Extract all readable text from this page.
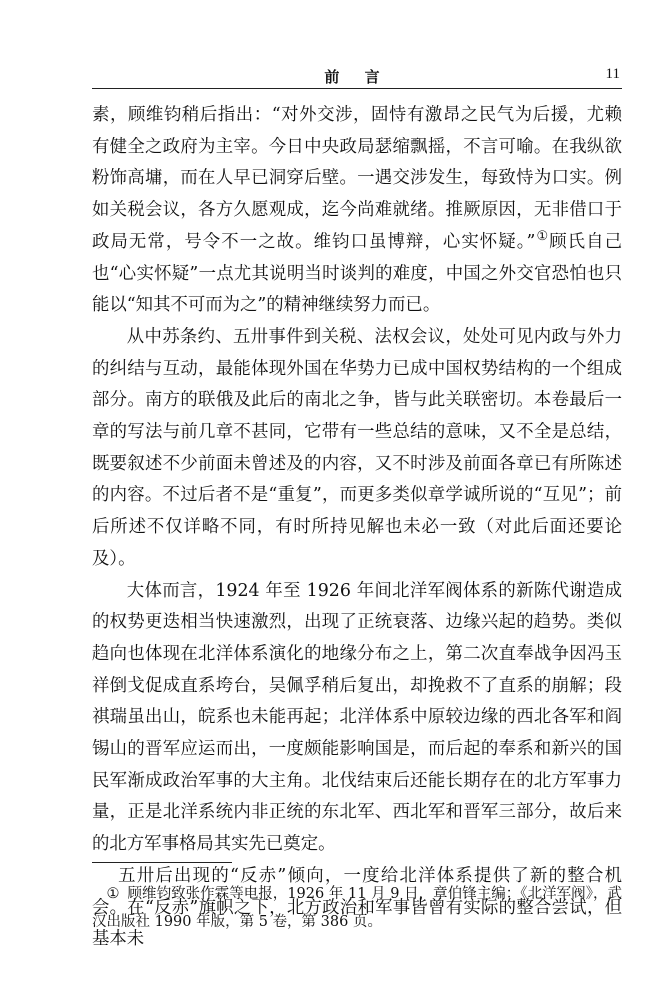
前 言	11

素，顾维钧稍后指出：“对外交涉，固恃有激昂之民气为后援，尤赖有健全之政府为主宰。今日中央政局瑟缩飘摇，不言可喻。在我纵欲粉饰高墉，而在人早已洞穿后壁。一遇交涉发生，每致恃为口实。例如关税会议，各方久愿观成，迄今尚难就绪。推厥原因，无非借口于政局无常，号令不一之故。维钧口虽博辩，心实怀疑。”①顾氏自己也“心实怀疑”一点尤其说明当时谈判的难度，中国之外交官恐怕也只能以“知其不可而为之”的精神继续努力而已。

从中苏条约、五卅事件到关税、法权会议，处处可见内政与外力的纠结与互动，最能体现外国在华势力已成中国权势结构的一个组成部分。南方的联俄及此后的南北之争，皆与此关联密切。本卷最后一章的写法与前几章不甚同，它带有一些总结的意味，又不全是总结，既要叙述不少前面未曾述及的内容，又不时涉及前面各章已有所陈述的内容。不过后者不是“重复”，而更多类似章学诚所说的“互见”；前后所述不仅详略不同，有时所持见解也未必一致（对此后面还要论及）。

大体而言，1924 年至 1926 年间北洋军阀体系的新陈代谢造成的权势更迭相当快速激烈，出现了正统衰落、边缘兴起的趋势。类似趋向也体现在北洋体系演化的地缘分布之上，第二次直奉战争因冯玉祥倒戈促成直系垮台，吴佩孚稍后复出，却挽救不了直系的崩解；段祺瑞虽出山，皖系也未能再起；北洋体系中原较边缘的西北各军和阎锡山的晋军应运而出，一度颇能影响国是，而后起的奉系和新兴的国民军渐成政治军事的大主角。北伐结束后还能长期存在的北方军事力量，正是北洋系统内非正统的东北军、西北军和晋军三部分，故后来的北方军事格局其实先已奠定。

五卅后出现的“反赤”倾向，一度给北洋体系提供了新的整合机会。在“反赤”旗帜之下，北方政治和军事皆曾有实际的整合尝试，但基本未

① 顾维钧致张作霖等电报，1926 年 11 月 9 日，章伯锋主编：《北洋军阀》，武汉出版社 1990 年版，第 5 卷，第 386 页。
